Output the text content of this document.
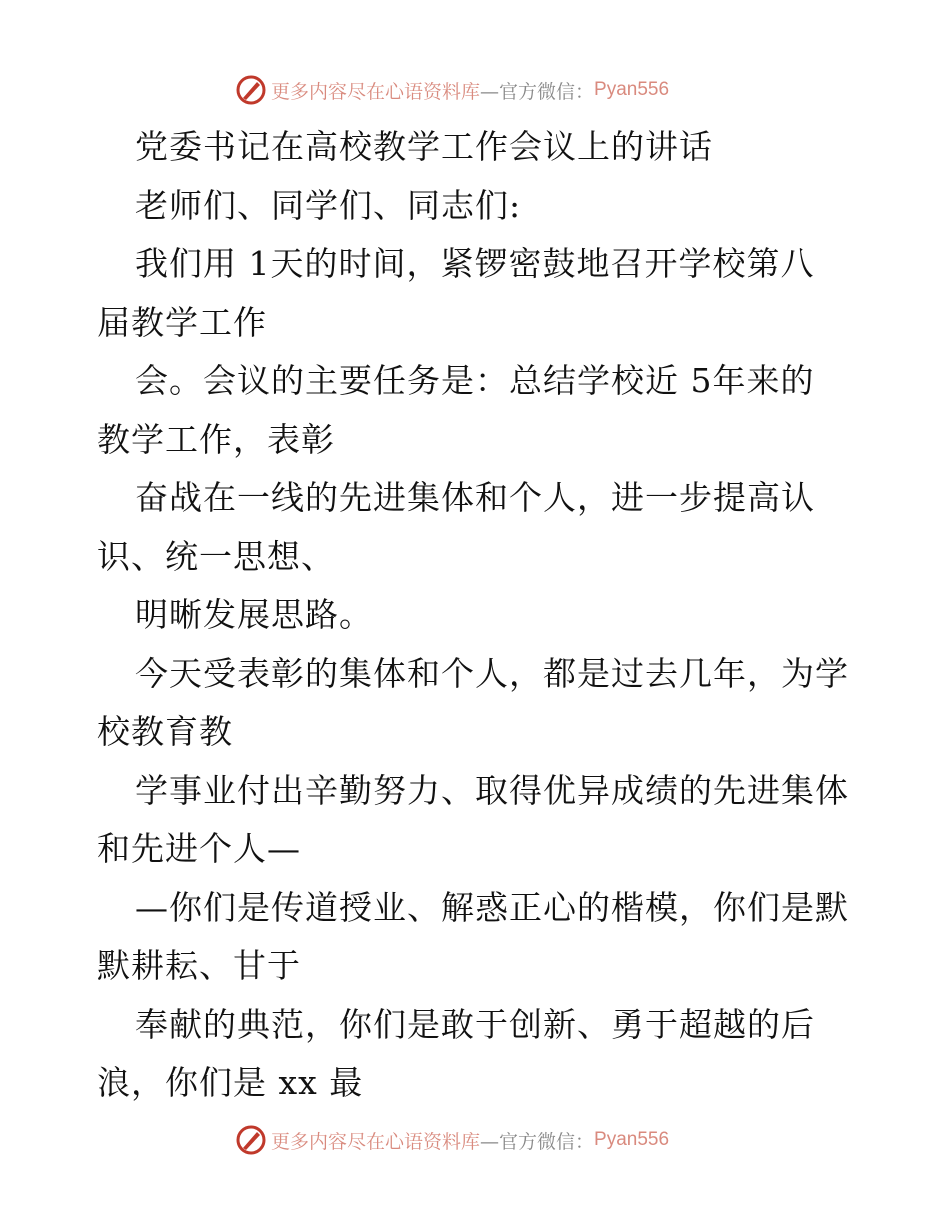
更多内容尽在心语资料库 —官方微信： Pyan556
党委书记在高校教学工作会议上的讲话
老师们、同学们、同志们:
我们用 1天的时间，紧锣密鼓地召开学校第八
届教学工作
会。会议的主要任务是：总结学校近 5年来的
教学工作，表彰
奋战在一线的先进集体和个人，进一步提高认
识、统一思想、
明晰发展思路。
今天受表彰的集体和个人，都是过去几年，为学
校教育教
学事业付出辛勤努力、取得优异成绩的先进集体
和先进个人—
—你们是传道授业、解惑正心的楷模，你们是默
默耕耘、甘于
奉献的典范，你们是敢于创新、勇于超越的后
浪，你们是 xx 最
更多内容尽在心语资料库 —官方微信： Pyan556
